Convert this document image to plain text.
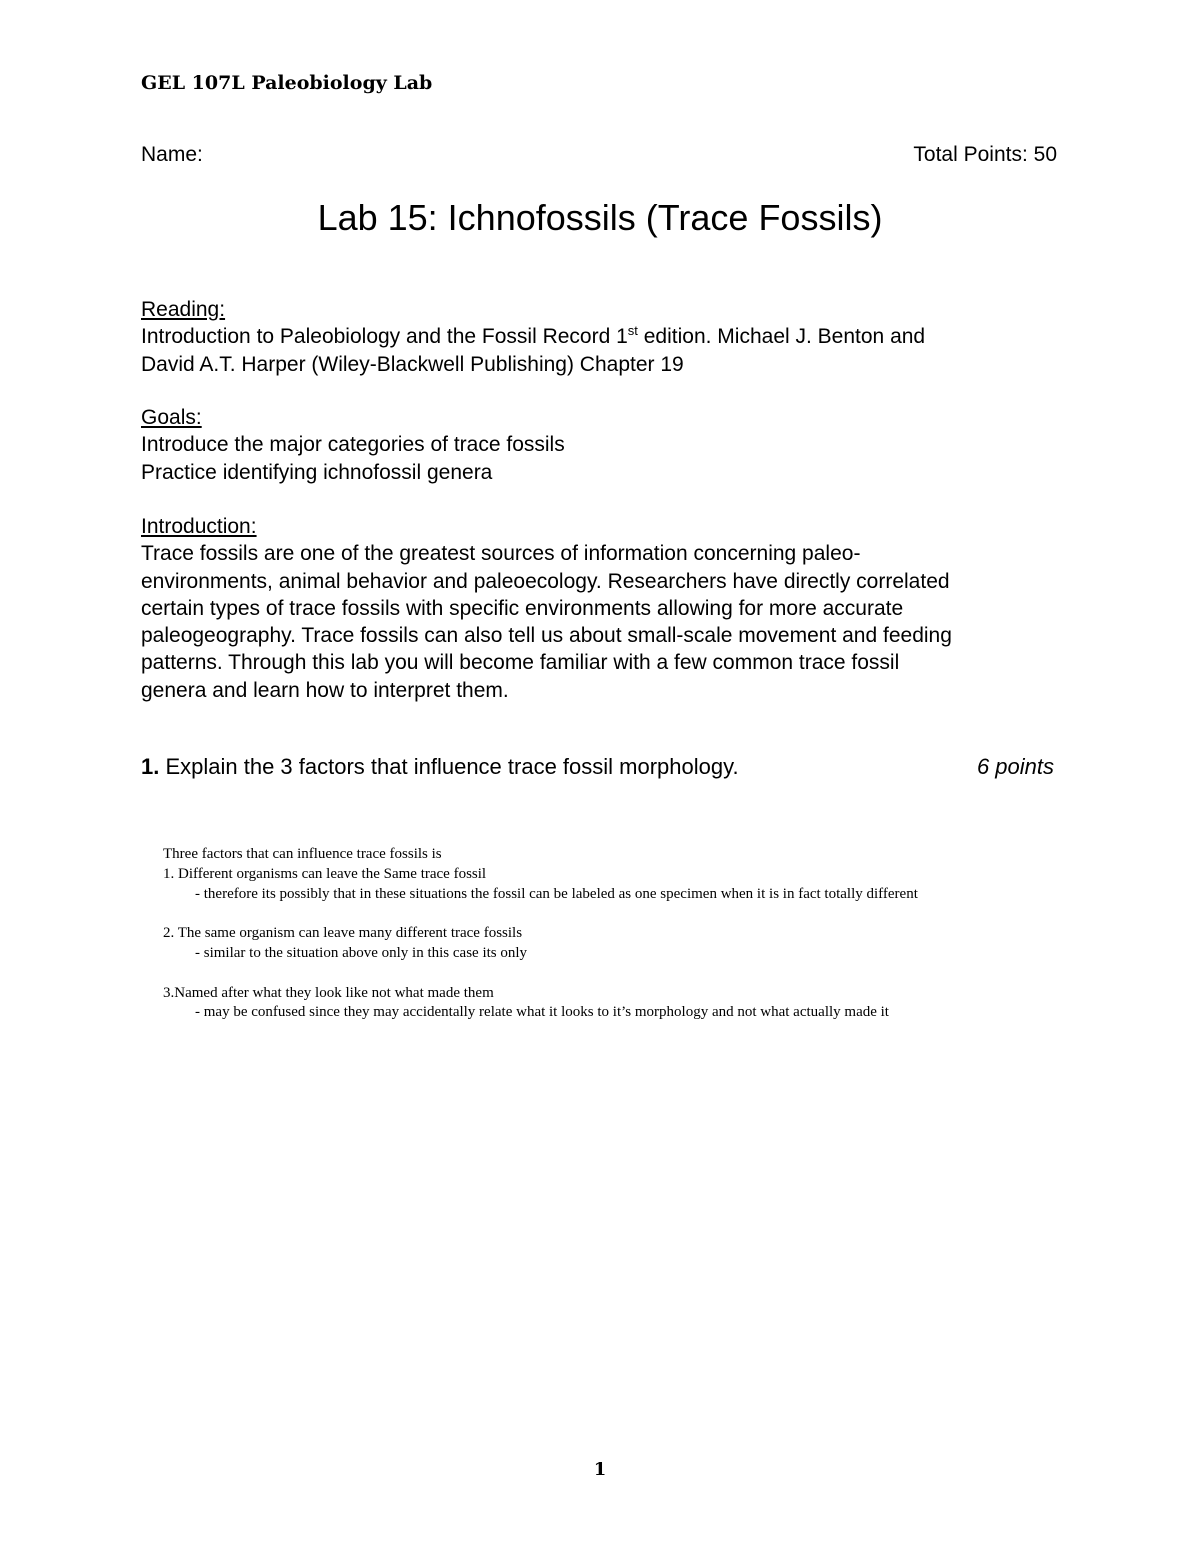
GEL 107L Paleobiology Lab
Name:	Total Points: 50
Lab 15: Ichnofossils (Trace Fossils)

Reading:

Introduction to Paleobiology and the Fossil Record 1st edition. Michael J. Benton and

David A.T. Harper (Wiley-Blackwell Publishing) Chapter 19

Goals:

Introduce the major categories of trace fossils

Practice identifying ichnofossil genera

Introduction:

Trace fossils are one of the greatest sources of information concerning paleo-

environments, animal behavior and paleoecology. Researchers have directly correlated

certain types of trace fossils with specific environments allowing for more accurate

paleogeography. Trace fossils can also tell us about small-scale movement and feeding

patterns. Through this lab you will become familiar with a few common trace fossil

genera and learn how to interpret them.

1. Explain the 3 factors that influence trace fossil morphology.	6 points

Three factors that can influence trace fossils is

1. Different organisms can leave the Same trace fossil

- therefore its possibly that in these situations the fossil can be labeled as one specimen when it is in fact totally different

2. The same organism can leave many different trace fossils

- similar to the situation above only in this case its only

3.Named after what they look like not what made them

- may be confused since they may accidentally relate what it looks to it’s morphology and not what actually made it

1
